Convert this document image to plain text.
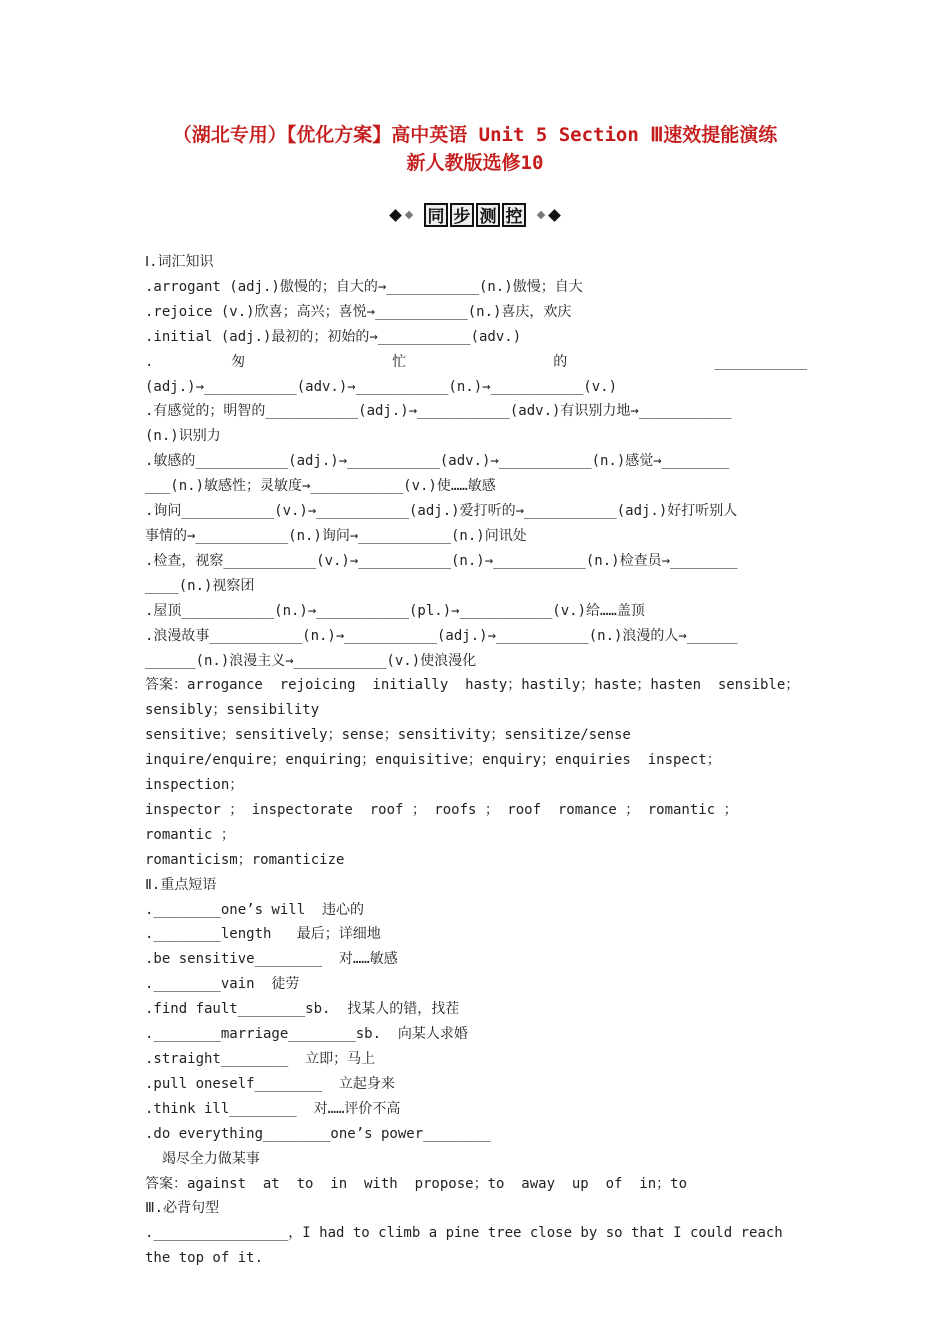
（湖北专用）【优化方案】高中英语 Unit 5 Section Ⅲ速效提能演练
新人教版选修10
同 步 测 控
Ⅰ.词汇知识
.arrogant (adj.)傲慢的；自大的→___________(n.)傲慢；自大
.rejoice (v.)欣喜；高兴；喜悦→___________(n.)喜庆，欢庆
.initial (adj.)最初的；初始的→___________(adv.)
. 匆 忙 的 ___________
(adj.)→___________(adv.)→___________(n.)→___________(v.)
.有感觉的；明智的___________(adj.)→___________(adv.)有识别力地→___________
(n.)识别力
.敏感的___________(adj.)→___________(adv.)→___________(n.)感觉→________
___(n.)敏感性；灵敏度→___________(v.)使……敏感
.询问___________(v.)→___________(adj.)爱打听的→___________(adj.)好打听别人
事情的→___________(n.)询问→___________(n.)问讯处
.检查，视察___________(v.)→___________(n.)→___________(n.)检查员→________
____(n.)视察团
.屋顶___________(n.)→___________(pl.)→___________(v.)给……盖顶
.浪漫故事___________(n.)→___________(adj.)→___________(n.)浪漫的人→______
______(n.)浪漫主义→___________(v.)使浪漫化
答案：arrogance  rejoicing  initially  hasty；hastily；haste；hasten  sensible；
sensibly；sensibility
sensitive；sensitively；sense；sensitivity；sensitize/sense
inquire/enquire；enquiring；enquisitive；enquiry；enquiries  inspect；inspection；
inspector ； inspectorate  roof ； roofs ； roof  romance ； romantic ； romantic ；
romanticism；romanticize
Ⅱ.重点短语
.________one’s will  违心的
.________length   最后；详细地
.be sensitive________  对……敏感
.________vain  徒劳
.find fault________sb.  找某人的错，找茬
.________marriage________sb.  向某人求婚
.straight________  立即；马上
.pull oneself________  立起身来
.think ill________  对……评价不高
.do everything________one’s power________
竭尽全力做某事
答案：against  at  to  in  with  propose；to  away  up  of  in；to
Ⅲ.必背句型
.________________，I had to climb a pine tree close by so that I could reach
the top of it.
